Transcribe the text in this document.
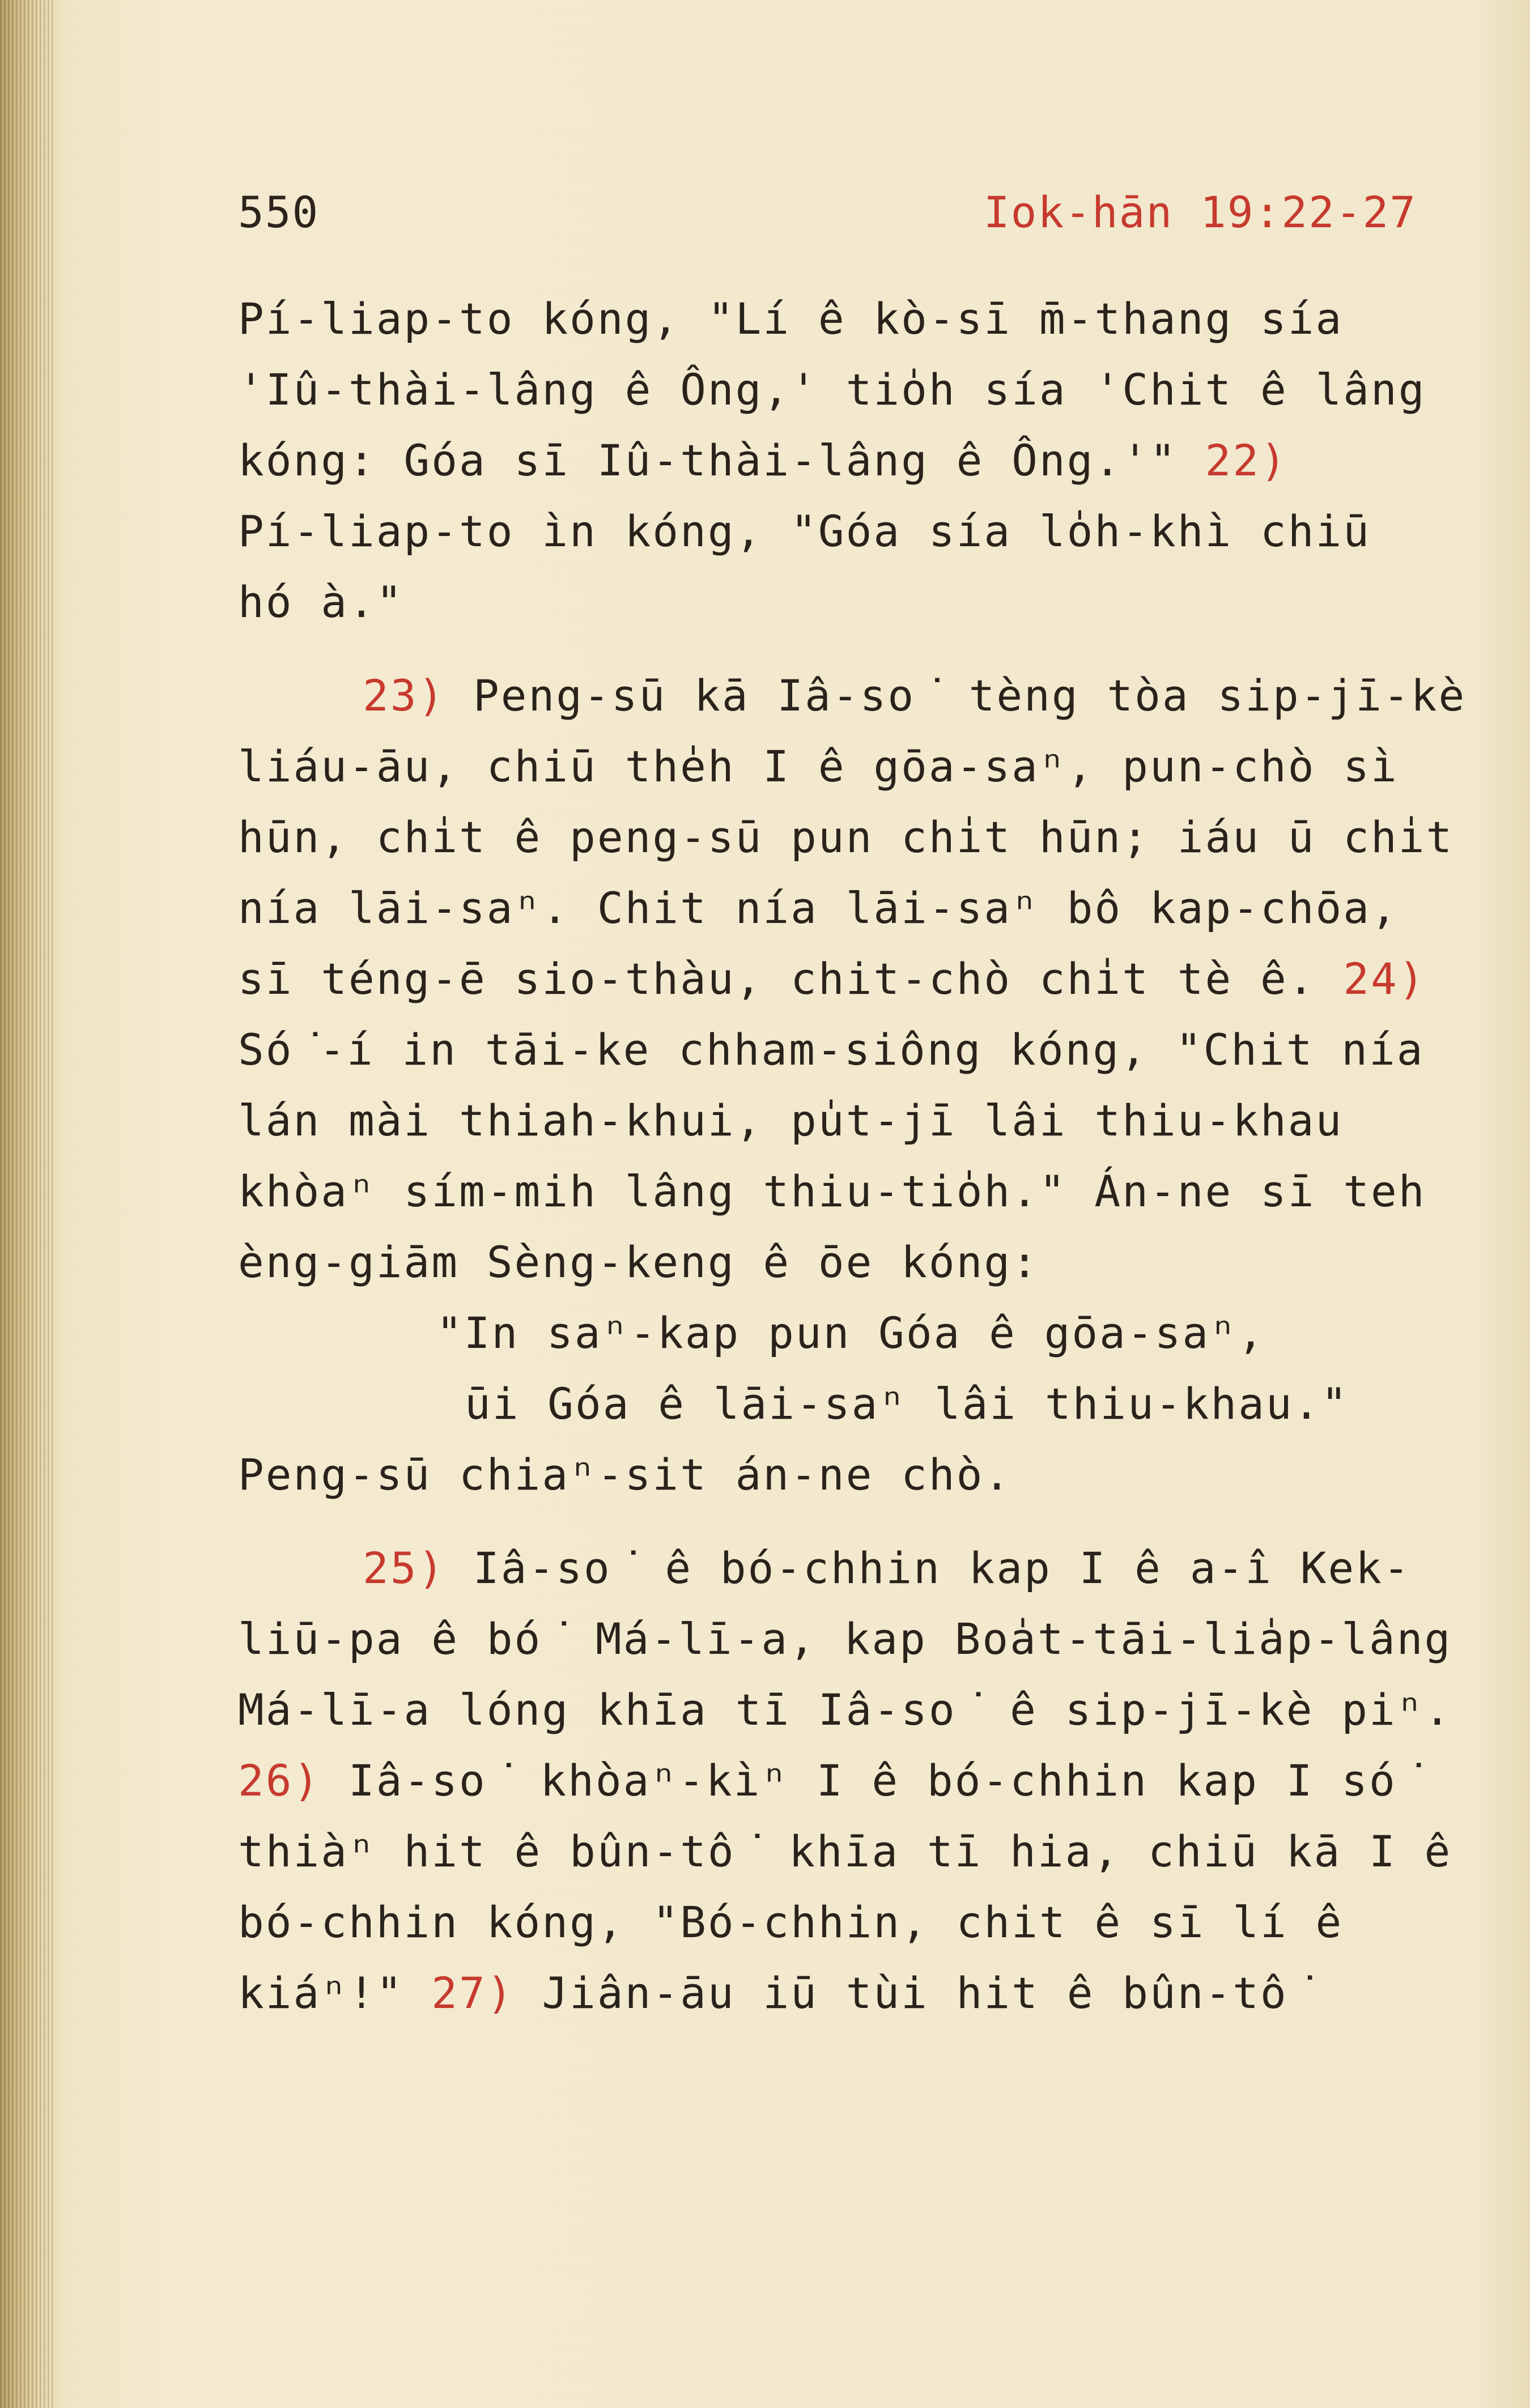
550	Iok-hān 19:22-27
Pí-liap-to kóng, "Lí ê kò-sī m̄-thang sía
'Iû-thài-lâng ê Ông,' tio̍h sía 'Chit ê lâng
kóng: Góa sī Iû-thài-lâng ê Ông.'" 22)
Pí-liap-to ìn kóng, "Góa sía lo̍h-khì chiū
hó à."
23) Peng-sū kā Iâ-so͘ tèng tòa sip-jī-kè
liáu-āu, chiū the̍h I ê gōa-saⁿ, pun-chò sì
hūn, chi̍t ê peng-sū pun chi̍t hūn; iáu ū chi̍t
nía lāi-saⁿ. Chit nía lāi-saⁿ bô kap-chōa,
sī téng-ē sio-thàu, chit-chò chi̍t tè ê. 24)
Só͘-í in tāi-ke chham-siông kóng, "Chit nía
lán mài thiah-khui, pu̍t-jī lâi thiu-khau
khòaⁿ sím-mih lâng thiu-tio̍h." Án-ne sī teh
èng-giām Sèng-keng ê ōe kóng:
"In saⁿ-kap pun Góa ê gōa-saⁿ,
ūi Góa ê lāi-saⁿ lâi thiu-khau."
Peng-sū chiaⁿ-sit án-ne chò.
25) Iâ-so͘ ê bó-chhin kap I ê a-î Kek-
liū-pa ê bó͘ Má-lī-a, kap Boa̍t-tāi-lia̍p-lâng
Má-lī-a lóng khīa tī Iâ-so͘ ê sip-jī-kè piⁿ.
26) Iâ-so͘ khòaⁿ-kìⁿ I ê bó-chhin kap I só͘
thiàⁿ hit ê bûn-tô͘ khīa tī hia, chiū kā I ê
bó-chhin kóng, "Bó-chhin, chit ê sī lí ê
kiáⁿ!" 27) Jiân-āu iū tùi hit ê bûn-tô͘
